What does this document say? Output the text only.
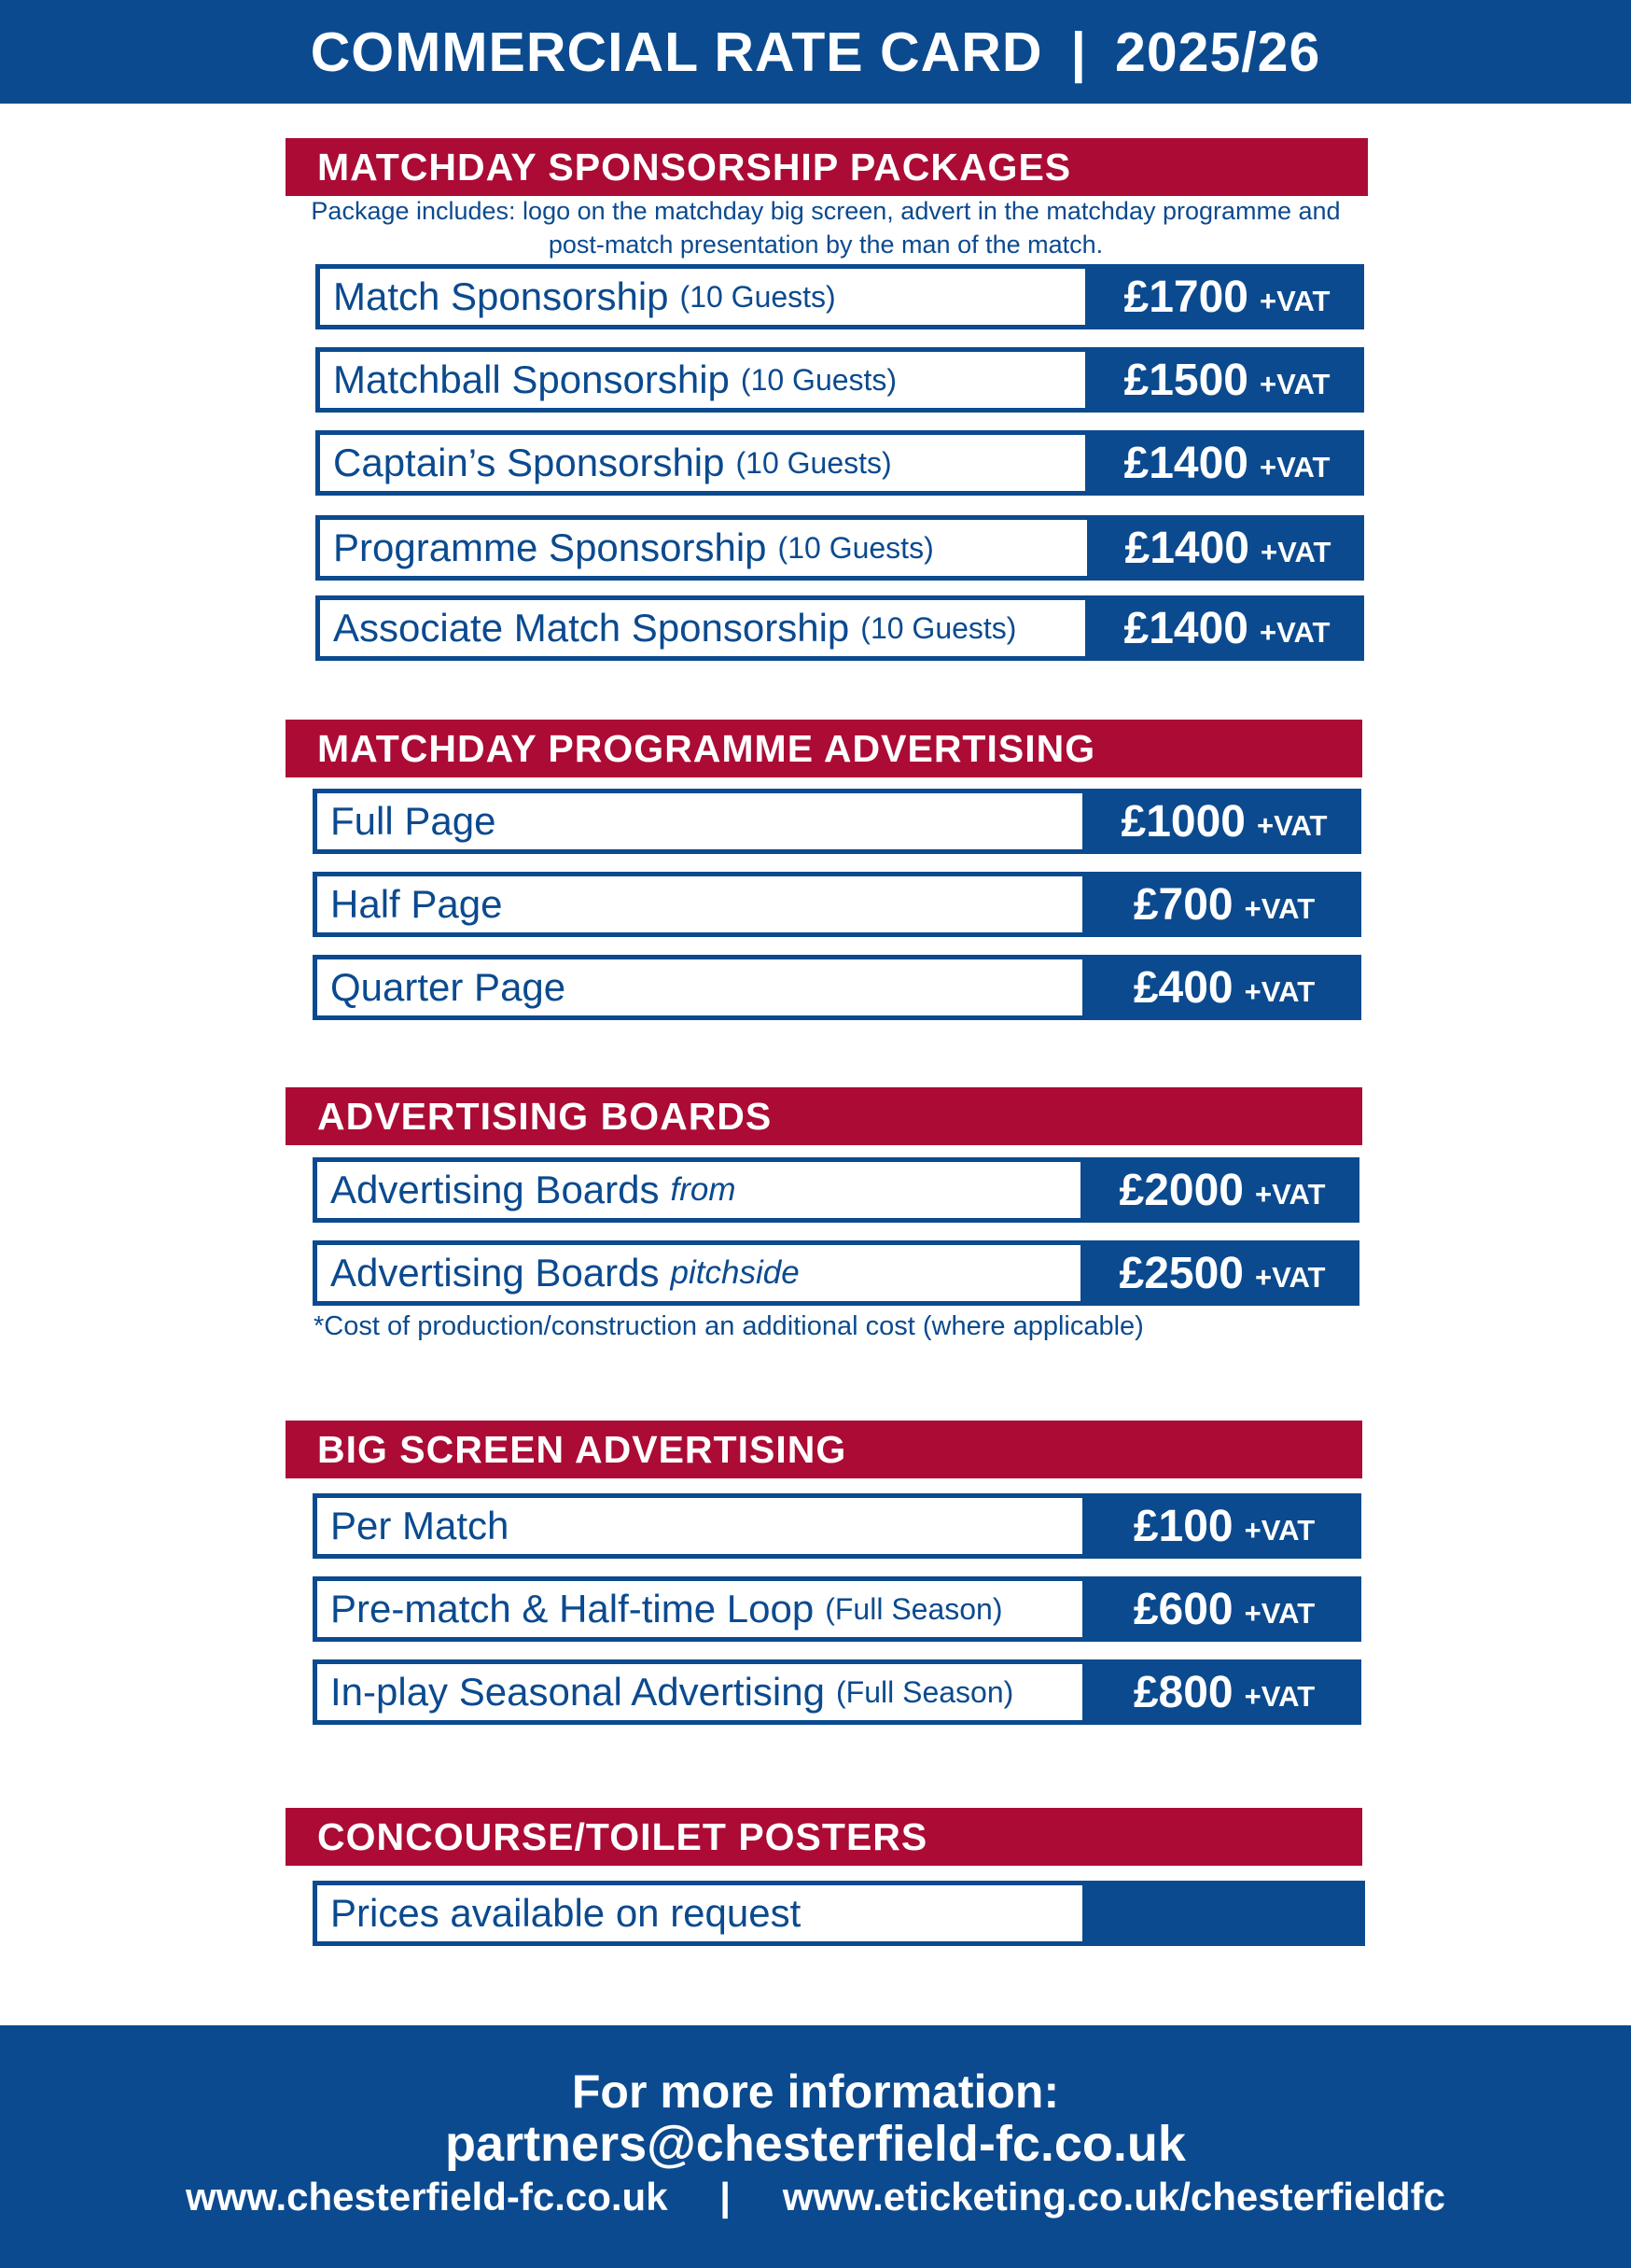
COMMERCIAL RATE CARD | 2025/26
MATCHDAY SPONSORSHIP PACKAGES
Package includes: logo on the matchday big screen, advert in the matchday programme and post-match presentation by the man of the match.
Match Sponsorship (10 Guests)	£1700 +VAT
Matchball Sponsorship (10 Guests)	£1500 +VAT
Captain’s Sponsorship (10 Guests)	£1400 +VAT
Programme Sponsorship (10 Guests)	£1400 +VAT
Associate Match Sponsorship (10 Guests) £1400 +VAT
MATCHDAY PROGRAMME ADVERTISING
Full Page	£1000 +VAT
Half Page	£700 +VAT
Quarter Page	£400 +VAT
ADVERTISING BOARDS
Advertising Boards from	£2000 +VAT
Advertising Boards pitchside	£2500 +VAT
*Cost of production/construction an additional cost (where applicable)
BIG SCREEN ADVERTISING
Per Match	£100 +VAT
Pre-match & Half-time Loop (Full Season)	£600 +VAT
In-play Seasonal Advertising (Full Season)	£800 +VAT
CONCOURSE/TOILET POSTERS
Prices available on request
For more information:
partners@chesterfield-fc.co.uk
www.chesterfield-fc.co.uk | www.eticketing.co.uk/chesterfieldfc
